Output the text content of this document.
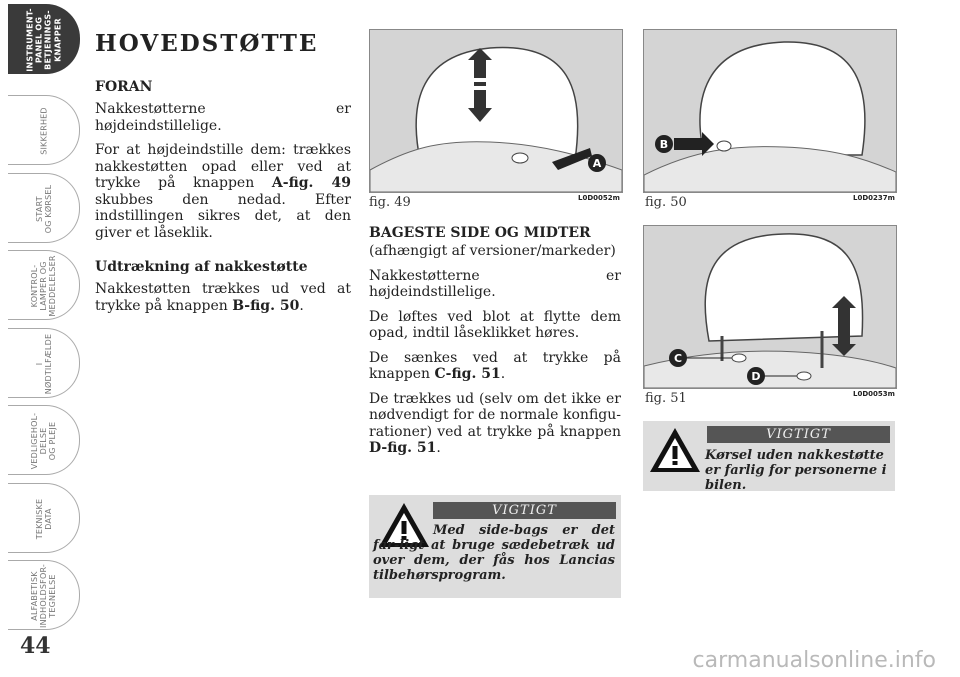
INSTRUMENT-
PANEL OG
BETJENINGS-
KNAPPER
SIKKERHED
START
OG KØRSEL
KONTROL-
LAMPER OG
MEDDELELSER
I
NØDTILFÆLDE
VEDLIGEHOL-
DELSE
OG PLEJE
TEKNISKE
DATA
ALFABETISK
INDHOLDSFOR-
TEGNELSE
44
HOVEDSTØTTE
FORAN
Nakkestøtterne er højdeindstillelige.
For at højdeindstille dem: trækkes nakkestøtten opad eller ved at trykke på knappen A-fig. 49 skubbes den nedad. Efter indstillingen sikres det, at den giver et låseklik.
Udtrækning af nakkestøtte
Nakkestøtten trækkes ud ved at trykke på knappen B-fig. 50.
A
fig. 49	L0D0052m
B
fig. 50	L0D0237m
C
D
fig. 51	L0D0053m
BAGESTE SIDE OG MIDTER
(afhængigt af versioner/markeder)
Nakkestøtterne er højdeindstillelige.
De løftes ved blot at flytte dem opad, indtil låseklikket høres.
De sænkes ved at trykke på knappen C-fig. 51.
De trækkes ud (selv om det ikke er nødvendigt for de normale konfigu-rationer) ved at trykke på knappen D-fig. 51.
VIGTIGT
Med side-bags er det far-ligt at bruge sædebetræk ud over dem, der fås hos Lancias tilbehørsprogram.
VIGTIGT
Kørsel uden nakkestøtte er farlig for personerne i bilen.
carmanualsonline.info
